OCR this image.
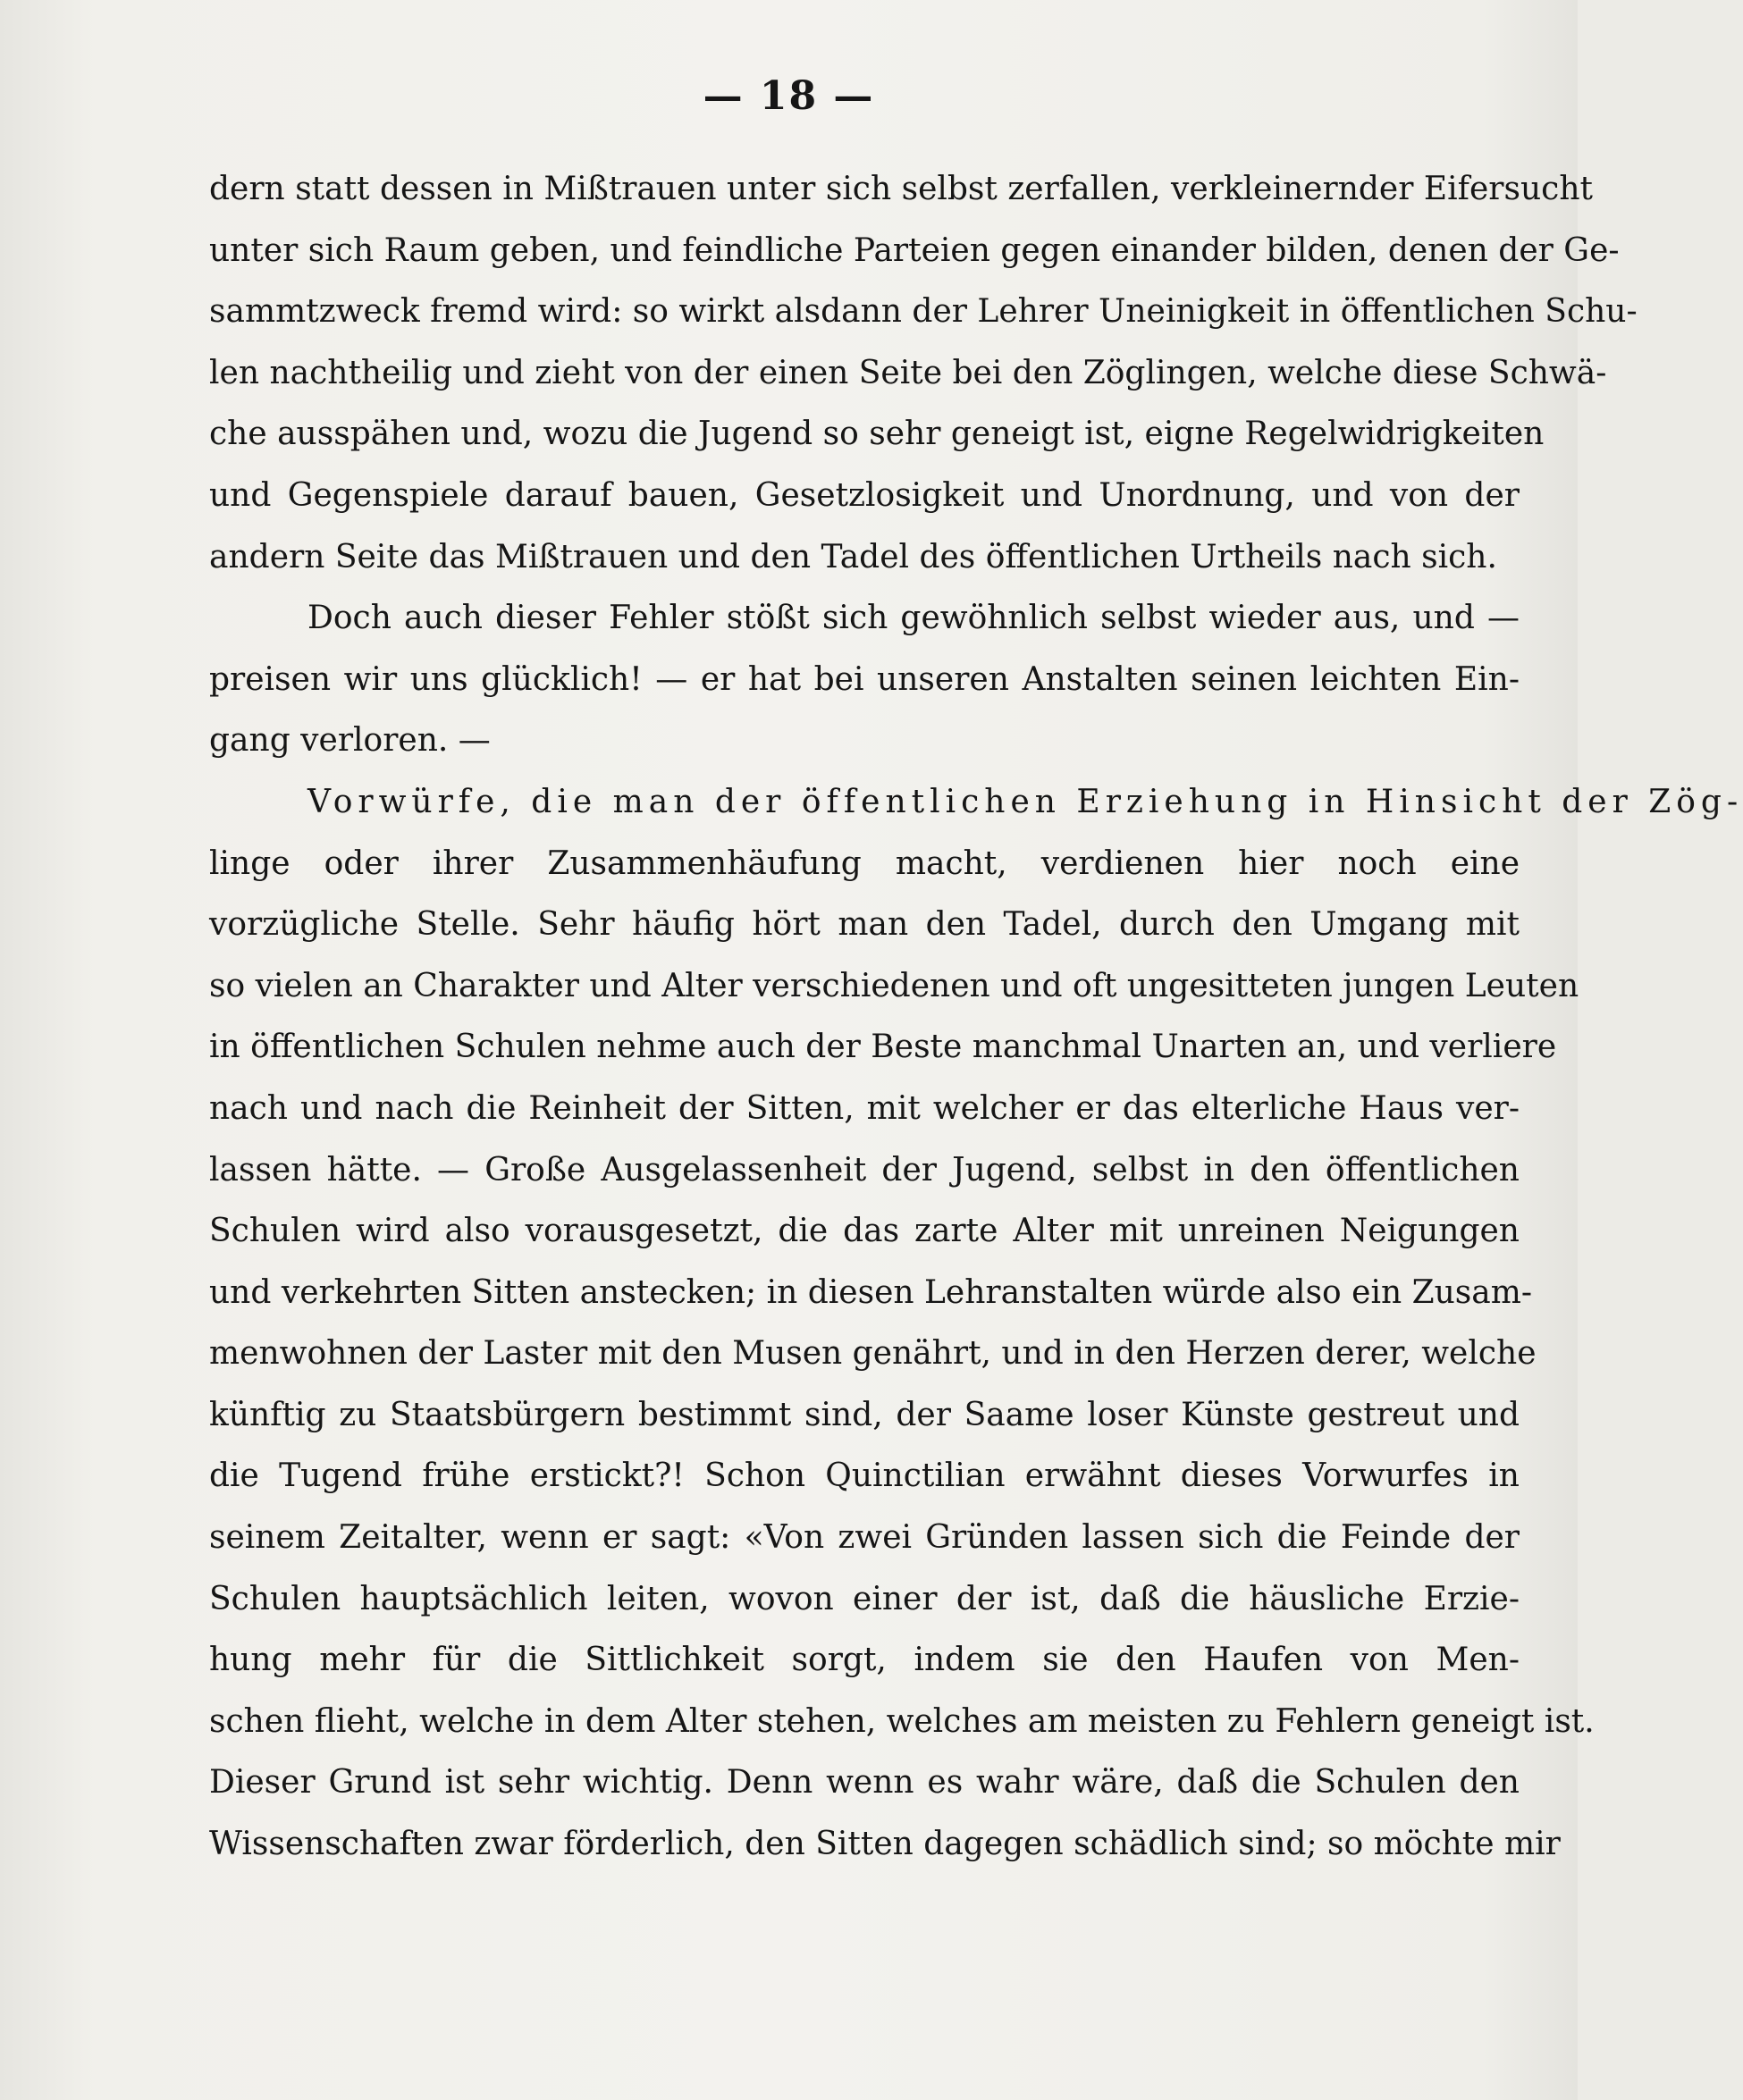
— 18 —
dern statt dessen in Mißtrauen unter sich selbst zerfallen, verkleinernder Eifersucht
unter sich Raum geben, und feindliche Parteien gegen einander bilden, denen der Ge-
sammtzweck fremd wird: so wirkt alsdann der Lehrer Uneinigkeit in öffentlichen Schu-
len nachtheilig und zieht von der einen Seite bei den Zöglingen, welche diese Schwä-
che ausspähen und, wozu die Jugend so sehr geneigt ist, eigne Regelwidrigkeiten
und Gegenspiele darauf bauen, Gesetzlosigkeit und Unordnung, und von der
andern Seite das Mißtrauen und den Tadel des öffentlichen Urtheils nach sich.
Doch auch dieser Fehler stößt sich gewöhnlich selbst wieder aus, und —
preisen wir uns glücklich! — er hat bei unseren Anstalten seinen leichten Ein-
gang verloren. —
Vorwürfe, die man der öffentlichen Erziehung in Hinsicht der Zög-
linge oder ihrer Zusammenhäufung macht, verdienen hier noch eine
vorzügliche Stelle. Sehr häufig hört man den Tadel, durch den Umgang mit
so vielen an Charakter und Alter verschiedenen und oft ungesitteten jungen Leuten
in öffentlichen Schulen nehme auch der Beste manchmal Unarten an, und verliere
nach und nach die Reinheit der Sitten, mit welcher er das elterliche Haus ver-
lassen hätte. — Große Ausgelassenheit der Jugend, selbst in den öffentlichen
Schulen wird also vorausgesetzt, die das zarte Alter mit unreinen Neigungen
und verkehrten Sitten anstecken; in diesen Lehranstalten würde also ein Zusam-
menwohnen der Laster mit den Musen genährt, und in den Herzen derer, welche
künftig zu Staatsbürgern bestimmt sind, der Saame loser Künste gestreut und
die Tugend frühe erstickt?! Schon Quinctilian erwähnt dieses Vorwurfes in
seinem Zeitalter, wenn er sagt: «Von zwei Gründen lassen sich die Feinde der
Schulen hauptsächlich leiten, wovon einer der ist, daß die häusliche Erzie-
hung mehr für die Sittlichkeit sorgt, indem sie den Haufen von Men-
schen flieht, welche in dem Alter stehen, welches am meisten zu Fehlern geneigt ist.
Dieser Grund ist sehr wichtig. Denn wenn es wahr wäre, daß die Schulen den
Wissenschaften zwar förderlich, den Sitten dagegen schädlich sind; so möchte mir
